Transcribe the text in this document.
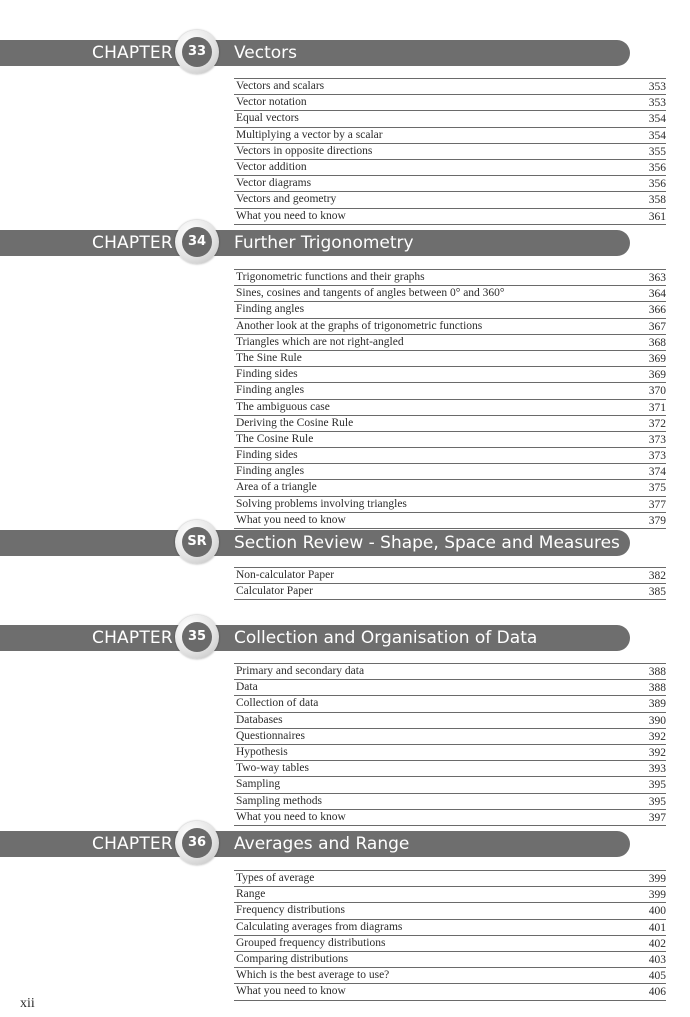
CHAPTER	33	Vectors
Vectors and scalars	353
Vector notation	353
Equal vectors	354
Multiplying a vector by a scalar	354
Vectors in opposite directions	355
Vector addition	356
Vector diagrams	356
Vectors and geometry	358
What you need to know	361
CHAPTER	34	Further Trigonometry
Trigonometric functions and their graphs	363
Sines, cosines and tangents of angles between 0° and 360°	364
Finding angles	366
Another look at the graphs of trigonometric functions	367
Triangles which are not right-angled	368
The Sine Rule	369
Finding sides	369
Finding angles	370
The ambiguous case	371
Deriving the Cosine Rule	372
The Cosine Rule	373
Finding sides	373
Finding angles	374
Area of a triangle	375
Solving problems involving triangles	377
What you need to know	379
SR	Section Review - Shape, Space and Measures
Non-calculator Paper	382
Calculator Paper	385
CHAPTER	35	Collection and Organisation of Data
Primary and secondary data	388
Data	388
Collection of data	389
Databases	390
Questionnaires	392
Hypothesis	392
Two-way tables	393
Sampling	395
Sampling methods	395
What you need to know	397
CHAPTER	36	Averages and Range
Types of average	399
Range	399
Frequency distributions	400
Calculating averages from diagrams	401
Grouped frequency distributions	402
Comparing distributions	403
Which is the best average to use?	405
What you need to know	406
xii
